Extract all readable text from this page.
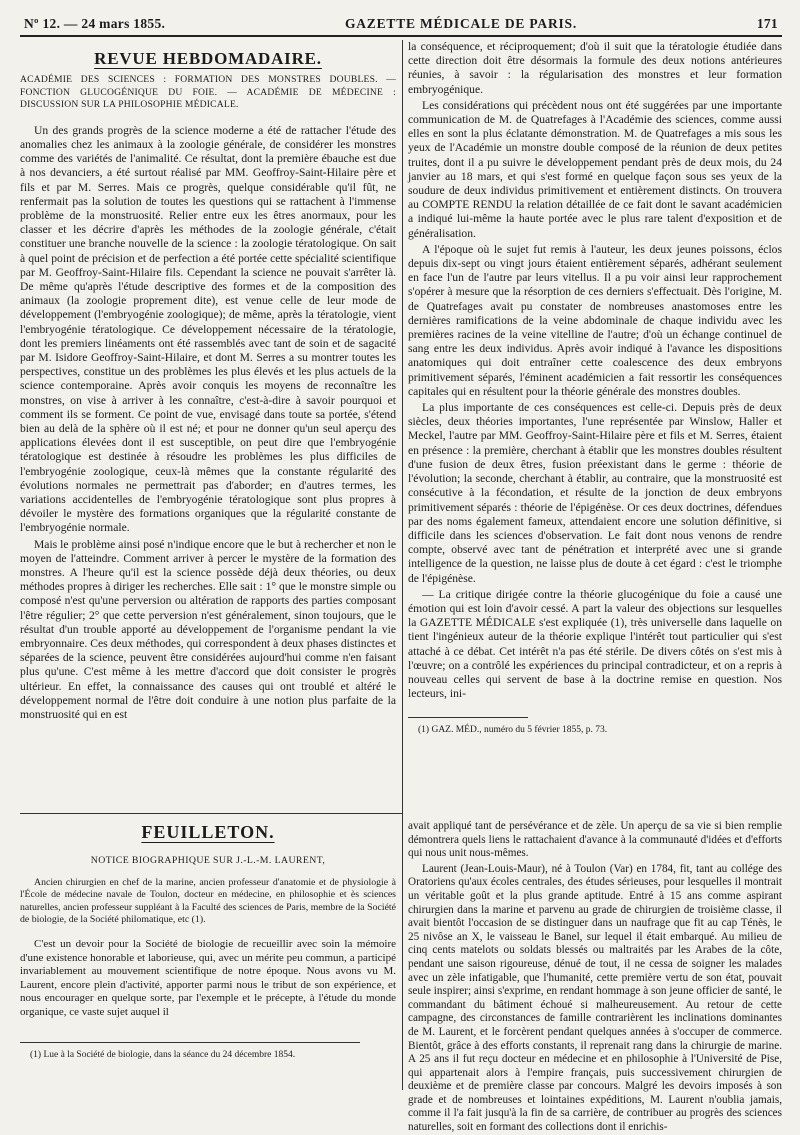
Nº 12. — 24 mars 1855.	GAZETTE MÉDICALE DE PARIS.	171
REVUE HEBDOMADAIRE.
ACADÉMIE DES SCIENCES : FORMATION DES MONSTRES DOUBLES. — FONCTION GLUCOGÉNIQUE DU FOIE. — ACADÉMIE DE MÉDECINE : DISCUSSION SUR LA PHILOSOPHIE MÉDICALE.

Un des grands progrès de la science moderne a été de rattacher l'étude des anomalies chez les animaux à la zoologie générale, de considérer les monstres comme des variétés de l'animalité. Ce résultat, dont la première ébauche est due à nos devanciers, a été surtout réalisé par MM. Geoffroy-Saint-Hilaire père et fils et par M. Serres. Mais ce progrès, quelque considérable qu'il fût, ne renfermait pas la solution de toutes les questions qui se rattachent à l'immense problème de la monstruosité. Relier entre eux les êtres anormaux, pour les classer et les décrire d'après les méthodes de la zoologie générale, c'était constituer une branche nouvelle de la science : la zoologie tératologique. On sait à quel point de précision et de perfection a été portée cette spécialité scientifique par M. Geoffroy-Saint-Hilaire fils. Cependant la science ne pouvait s'arrêter là. De même qu'après l'étude descriptive des formes et de la composition des animaux (la zoologie proprement dite), est venue celle de leur mode de développement (l'embryogénie zoologique); de même, après la tératologie, vient l'embryogénie tératologique. Ce développement nécessaire de la tératologie, dont les premiers linéaments ont été rassemblés avec tant de soin et de sagacité par M. Isidore Geoffroy-Saint-Hilaire, et dont M. Serres a su montrer toutes les perspectives, constitue un des problèmes les plus élevés et les plus actuels de la science contemporaine. Après avoir conquis les moyens de reconnaître les monstres, on vise à arriver à les connaître, c'est-à-dire à savoir pourquoi et comment ils se forment. Ce point de vue, envisagé dans toute sa portée, s'étend bien au delà de la sphère où il est né; et pour ne donner qu'un seul aperçu des applications élevées dont il est susceptible, on peut dire que l'embryogénie tératologique est destinée à résoudre les problèmes les plus difficiles de l'embryogénie zoologique, ceux-là mêmes que la constante régularité des évolutions normales ne permettrait pas d'aborder; en d'autres termes, les variations accidentelles de l'embryogénie tératologique sont plus propres à dévoiler le mystère des formations organiques que la régularité constante de l'embryogénie normale.

Mais le problème ainsi posé n'indique encore que le but à rechercher et non le moyen de l'atteindre. Comment arriver à percer le mystère de la formation des monstres. A l'heure qu'il est la science possède déjà deux théories, ou deux méthodes propres à diriger les recherches. Elle sait : 1° que le monstre simple ou composé n'est qu'une perversion ou altération de rapports des parties composant l'être régulier; 2° que cette perversion n'est généralement, sinon toujours, que le résultat d'un trouble apporté au développement de l'organisme pendant la vie embryonnaire. Ces deux méthodes, qui correspondent à deux phases distinctes et séparées de la science, peuvent être considérées aujourd'hui comme n'en faisant plus qu'une. C'est même à les mettre d'accord que doit consister le progrès ultérieur. En effet, la connaissance des causes qui ont troublé et altéré le développement normal de l'être doit conduire à une notion plus parfaite de la monstruosité qui en est

la conséquence, et réciproquement; d'où il suit que la tératologie étudiée dans cette direction doit être désormais la formule des deux notions antérieures réunies, à savoir : la régularisation des monstres et leur formation embryogénique.

Les considérations qui précèdent nous ont été suggérées par une importante communication de M. de Quatrefages à l'Académie des sciences, comme aussi elles en sont la plus éclatante démonstration. M. de Quatrefages a mis sous les yeux de l'Académie un monstre double composé de la réunion de deux petites truites, dont il a pu suivre le développement pendant près de deux mois, du 24 janvier au 18 mars, et qui s'est formé en quelque façon sous ses yeux de la soudure de deux individus primitivement et entièrement distincts. On trouvera au COMPTE RENDU la relation détaillée de ce fait dont le savant académicien a indiqué lui-même la haute portée avec le plus rare talent d'exposition et de généralisation.

A l'époque où le sujet fut remis à l'auteur, les deux jeunes poissons, éclos depuis dix-sept ou vingt jours étaient entièrement séparés, adhérant seulement en face l'un de l'autre par leurs vitellus. Il a pu voir ainsi leur rapprochement s'opérer à mesure que la résorption de ces derniers s'effectuait. Dès l'origine, M. de Quatrefages avait pu constater de nombreuses anastomoses entre les dernières ramifications de la veine abdominale de chaque individu avec les premières racines de la veine vitelline de l'autre; d'où un échange continuel de sang entre les deux individus. Après avoir indiqué à l'avance les dispositions anatomiques qui doit entraîner cette coalescence des deux embryons primitivement séparés, l'éminent académicien a fait ressortir les conséquences capitales qui en résultent pour la théorie générale des monstres doubles.

La plus importante de ces conséquences est celle-ci. Depuis près de deux siècles, deux théories importantes, l'une représentée par Winslow, Haller et Meckel, l'autre par MM. Geoffroy-Saint-Hilaire père et fils et M. Serres, étaient en présence : la première, cherchant à établir que les monstres doubles résultent d'une fusion de deux êtres, fusion préexistant dans le germe : théorie de l'évolution; la seconde, cherchant à établir, au contraire, que la monstruosité est consécutive à la fécondation, et résulte de la jonction de deux embryons primitivement séparés : théorie de l'épigénèse. Or ces deux doctrines, défendues par des noms également fameux, attendaient encore une solution définitive, si difficile dans les sciences d'observation. Le fait dont nous venons de rendre compte, observé avec tant de pénétration et interprété avec une si grande intelligence de la question, ne laisse plus de doute à cet égard : c'est le triomphe de l'épigénèse.

— La critique dirigée contre la théorie glucogénique du foie a causé une émotion qui est loin d'avoir cessé. A part la valeur des objections sur lesquelles la GAZETTE MÉDICALE s'est expliquée (1), très universelle dans laquelle on tient l'ingénieux auteur de la théorie explique l'intérêt tout particulier qui s'est attaché à ce débat. Cet intérêt n'a pas été stérile. De divers côtés on s'est mis à l'œuvre; on a contrôlé les expériences du principal contradicteur, et on a repris à nouveau celles qui servent de base à la doctrine remise en question. Nos lecteurs, ini-

(1) GAZ. MÉD., numéro du 5 février 1855, p. 73.
FEUILLETON.
NOTICE BIOGRAPHIQUE SUR J.-L.-M. LAURENT,
Ancien chirurgien en chef de la marine, ancien professeur d'anatomie et de physiologie à l'École de médecine navale de Toulon, docteur en médecine, en philosophie et ès sciences naturelles, ancien professeur suppléant à la Faculté des sciences de Paris, membre de la Société de biologie, de la Société philomatique, etc (1).

C'est un devoir pour la Société de biologie de recueillir avec soin la mémoire d'une existence honorable et laborieuse, qui, avec un mérite peu commun, a participé invariablement au mouvement scientifique de notre époque. Nous avons vu M. Laurent, encore plein d'activité, apporter parmi nous le tribut de son expérience, et nous encourager en quelque sorte, par l'exemple et le précepte, à l'étude du monde organique, ce vaste sujet auquel il

(1) Lue à la Société de biologie, dans la séance du 24 décembre 1854.

avait appliqué tant de persévérance et de zèle. Un aperçu de sa vie si bien remplie démontrera quels liens le rattachaient d'avance à la communauté d'idées et d'efforts qui nous unit nous-mêmes.

Laurent (Jean-Louis-Maur), né à Toulon (Var) en 1784, fit, tant au collége des Oratoriens qu'aux écoles centrales, des études sérieuses, pour lesquelles il montrait un véritable goût et la plus grande aptitude. Entré à 15 ans comme aspirant chirurgien dans la marine et parvenu au grade de chirurgien de troisième classe, il avait bientôt l'occasion de se distinguer dans un naufrage que fit au cap Ténès, le 25 nivôse an X, le vaisseau le Banel, sur lequel il était embarqué. Au milieu de cinq cents matelots ou soldats blessés ou maltraités par les Arabes de la côte, pendant une saison rigoureuse, dénué de tout, il ne cessa de soigner les malades avec un zèle infatigable, que l'humanité, cette première vertu de son état, pouvait seule inspirer; ainsi s'exprime, en rendant hommage à son jeune officier de santé, le commandant du bâtiment échoué si malheureusement. Au retour de cette campagne, des circonstances de famille contrarièrent les inclinations dominantes de M. Laurent, et le forcèrent pendant quelques années à s'occuper de commerce. Bientôt, grâce à des efforts constants, il reprenait rang dans la chirurgie de marine. A 25 ans il fut reçu docteur en médecine et en philosophie à l'Université de Pise, qui appartenait alors à l'empire français, puis successivement chirurgien de deuxième et de première classe par concours. Malgré les devoirs imposés à son grade et de nombreuses et lointaines expéditions, M. Laurent n'oublia jamais, comme il l'a fait jusqu'à la fin de sa carrière, de contribuer au progrès des sciences naturelles, soit en formant des collections dont il enrichis-
